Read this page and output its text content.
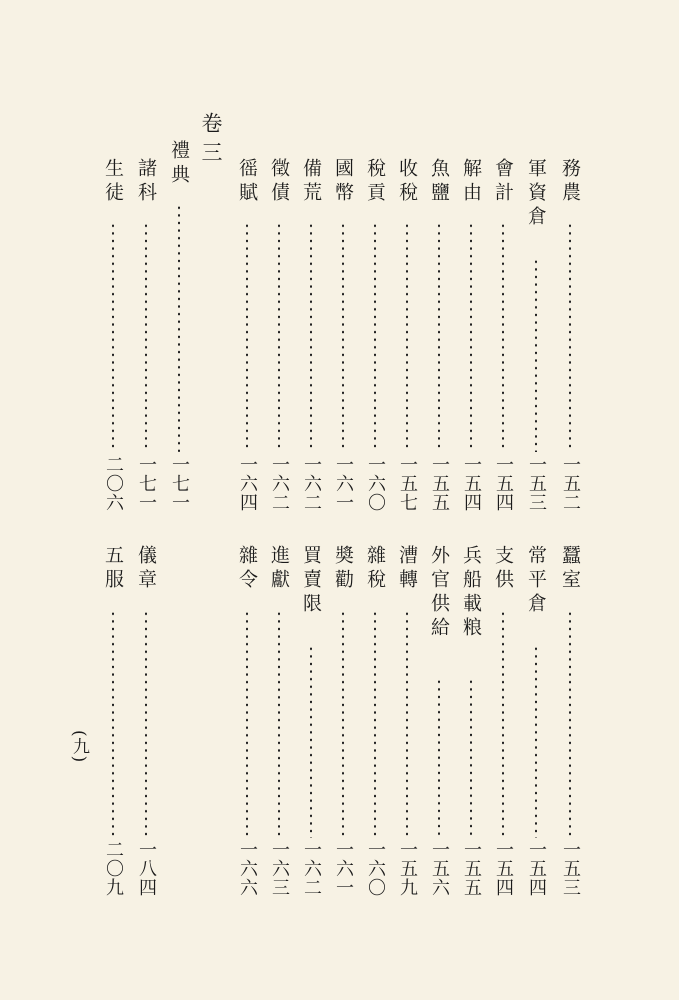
務農
一五二
軍資倉
一五三
會計
一五四
解由
一五四
魚鹽
一五五
收稅
一五七
稅貢
一六〇
國幣
一六一
備荒
一六二
徵債
一六二
徭賦
一六四
卷三
禮典
一七一
諸科
一七一
生徒
二〇六
蠶室
一五三
常平倉
一五四
支供
一五四
兵船載粮
一五五
外官供給
一五六
漕轉
一五九
雜稅
一六〇
奬勸
一六一
買賣限
一六二
進獻
一六三
雜令
一六六
儀章
一八四
五服
二〇九
(九)
